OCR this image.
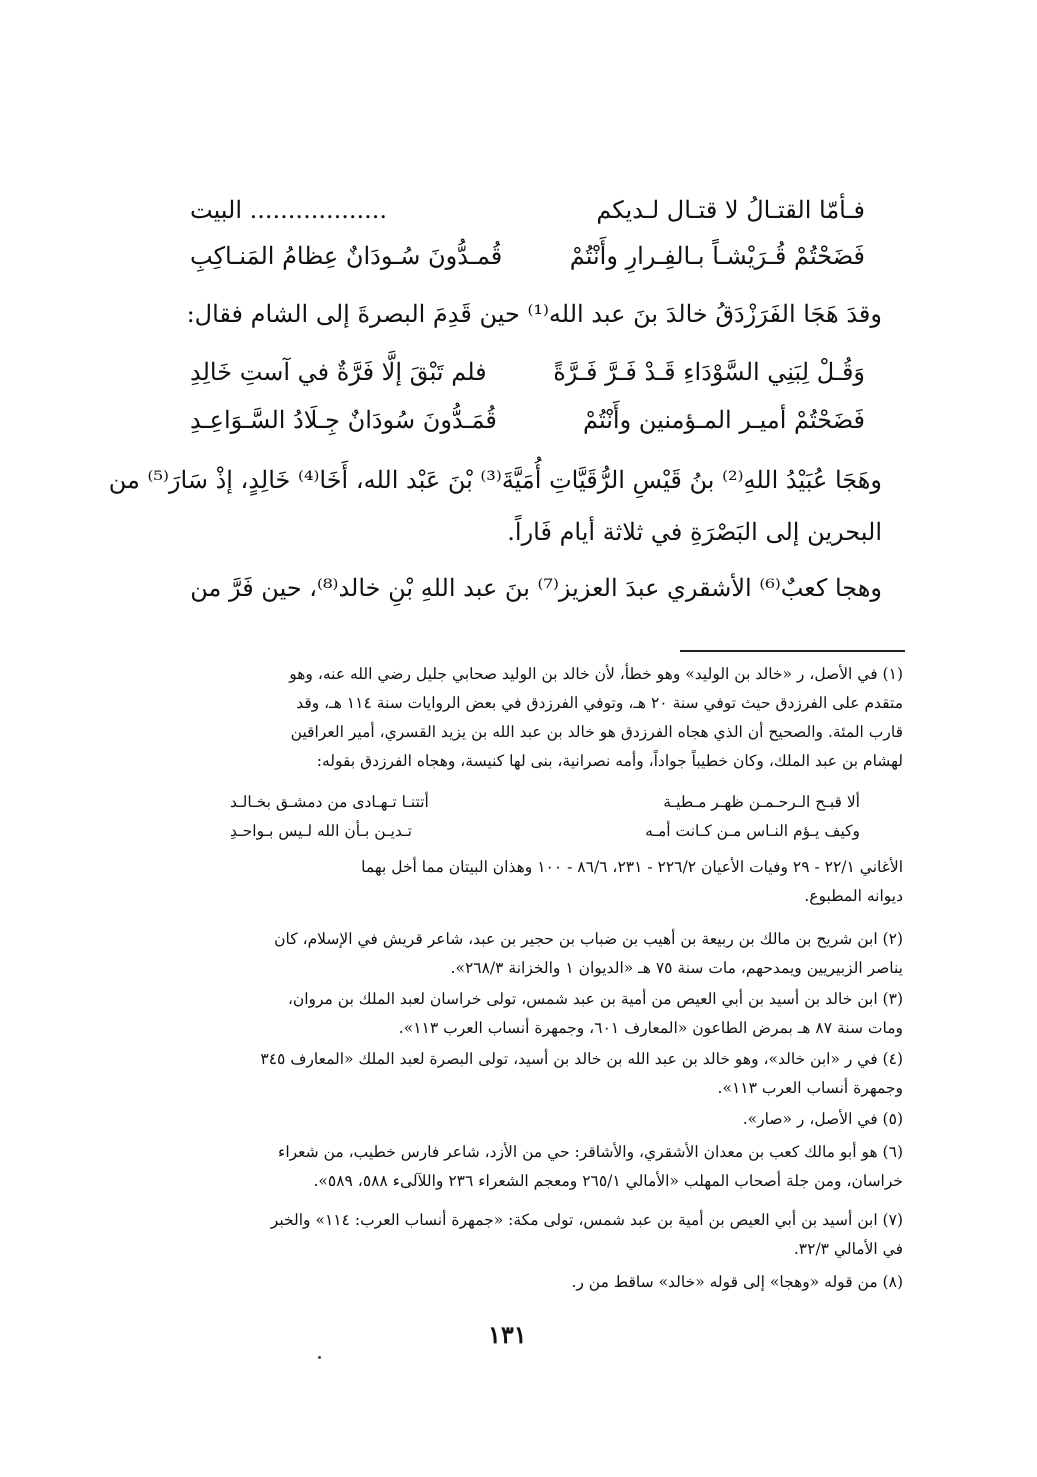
فـأمّا القتـالُ لا قتـال لـديكم
.................. البيت
فَضَحْتُمْ قُـرَيْشـاً بـالفِـرارِ وأَنْتُمْ
قُمـدُّونَ سُـودَانٌ عِظامُ المَنـاكِبِ
وقدَ هَجَا الفَرَزْدَقُ خالدَ بنَ عبد الله⁽¹⁾ حين قَدِمَ البصرةَ إلى الشام فقال:
وَقُـلْ لِبَنِي السَّوْدَاءِ قَـدْ فَـرَّ فَـرَّةً
فلم تَبْقَ إلَّا فَرَّةٌ في آستِ خَالِدِ
فَضَحْتُمْ أميـر المـؤمنين وأَنْتُمْ
قُمَـدُّونَ سُودَانٌ جِـلَادُ السَّـوَاعِـدِ
وهَجَا عُبَيْدُ اللهِ⁽²⁾ بنُ قَيْسِ الرُّقَيَّاتِ أُمَيَّةَ⁽³⁾ بْنَ عَبْد الله، أَخَا⁽⁴⁾ خَالِدٍ، إذْ سَارَ⁽⁵⁾ من
البحرين إلى البَصْرَةِ في ثلاثة أيام فَاراً.
وهجا كعبٌ⁽⁶⁾ الأشقري عبدَ العزيز⁽⁷⁾ بنَ عبد اللهِ بْنِ خالد⁽⁸⁾، حين فَرَّ من
(١) في الأصل، ر «خالد بن الوليد» وهو خطأ، لأن خالد بن الوليد صحابي جليل رضي الله عنه، وهو
متقدم على الفرزدق حيث توفي سنة ٢٠ هـ، وتوفي الفرزدق في بعض الروايات سنة ١١٤ هـ، وقد
قارب المئة. والصحيح أن الذي هجاه الفرزدق هو خالد بن عبد الله بن يزيد القسري، أمير العراقين
لهشام بن عبد الملك، وكان خطيباً جواداً، وأمه نصرانية، بنى لها كنيسة، وهجاه الفرزدق بقوله:
ألا قبـح الـرحـمـن ظهـر مـطيـة
أتتنـا تـهـادى من دمشـق بخـالـد
وكيف يـؤم النـاس مـن كـانت أمـه
تـديـن بـأن الله لـيس بـواحـدِ
الأغاني ٢٢/١ - ٢٩ وفيات الأعيان ٢٢٦/٢ - ٢٣١، ٨٦/٦ - ١٠٠ وهذان البيتان مما أخل بهما
ديوانه المطبوع.
(٢) ابن شريح بن مالك بن ربيعة بن أهيب بن ضباب بن حجير بن عبد، شاعر قريش في الإسلام، كان
يناصر الزبيريين ويمدحهم، مات سنة ٧٥ هـ «الديوان ١ والخزانة ٢٦٨/٣».
(٣) ابن خالد بن أسيد بن أبي العيص من أمية بن عبد شمس، تولى خراسان لعبد الملك بن مروان،
ومات سنة ٨٧ هـ بمرض الطاعون «المعارف ٦٠١، وجمهرة أنساب العرب ١١٣».
(٤) في ر «ابن خالد»، وهو خالد بن عبد الله بن خالد بن أسيد، تولى البصرة لعبد الملك «المعارف ٣٤٥
وجمهرة أنساب العرب ١١٣».
(٥) في الأصل، ر «صار».
(٦) هو أبو مالك كعب بن معدان الأشقري، والأشاقر: حي من الأزد، شاعر فارس خطيب، من شعراء
خراسان، ومن جلة أصحاب المهلب «الأمالي ٢٦٥/١ ومعجم الشعراء ٢٣٦ واللآلىء ٥٨٨، ٥٨٩».
(٧) ابن أسيد بن أبي العيص بن أمية بن عبد شمس، تولى مكة: «جمهرة أنساب العرب: ١١٤» والخبر
في الأمالي ٣٢/٣.
(٨) من قوله «وهجا» إلى قوله «خالد» ساقط من ر.
١٣١
